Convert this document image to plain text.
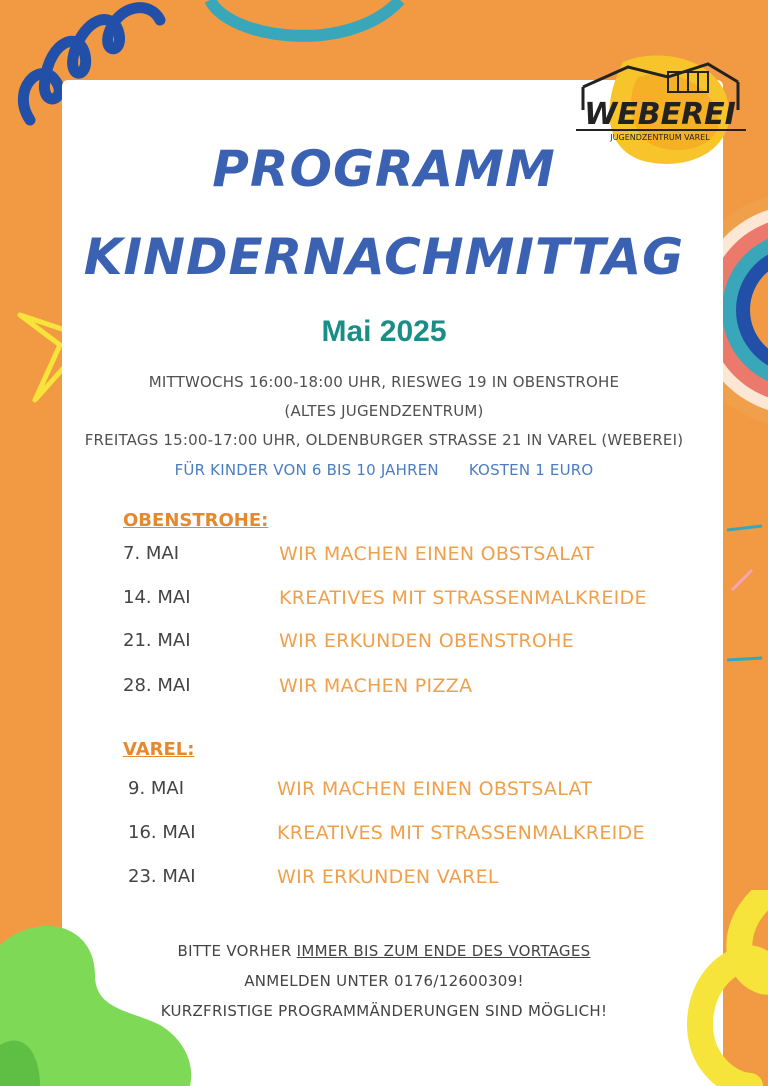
WEBEREI
JUGENDZENTRUM VAREL
PROGRAMM
KINDERNACHMITTAG
Mai 2025

MITTWOCHS 16:00-18:00 UHR, RIESWEG 19 IN OBENSTROHE

(ALTES JUGENDZENTRUM)

FREITAGS 15:00-17:00 UHR, OLDENBURGER STRASSE 21 IN VAREL (WEBEREI)

FÜR KINDER VON 6 BIS 10 JAHREN KOSTEN 1 EURO

OBENSTROHE:
7. MAI	WIR MACHEN EINEN OBSTSALAT
14. MAI	KREATIVES MIT STRASSENMALKREIDE
21. MAI	WIR ERKUNDEN OBENSTROHE
28. MAI	WIR MACHEN PIZZA
VAREL:
9. MAI	WIR MACHEN EINEN OBSTSALAT
16. MAI	KREATIVES MIT STRASSENMALKREIDE
23. MAI	WIR ERKUNDEN VAREL

BITTE VORHER IMMER BIS ZUM ENDE DES VORTAGES

ANMELDEN UNTER 0176/12600309!

KURZFRISTIGE PROGRAMMÄNDERUNGEN SIND MÖGLICH!
